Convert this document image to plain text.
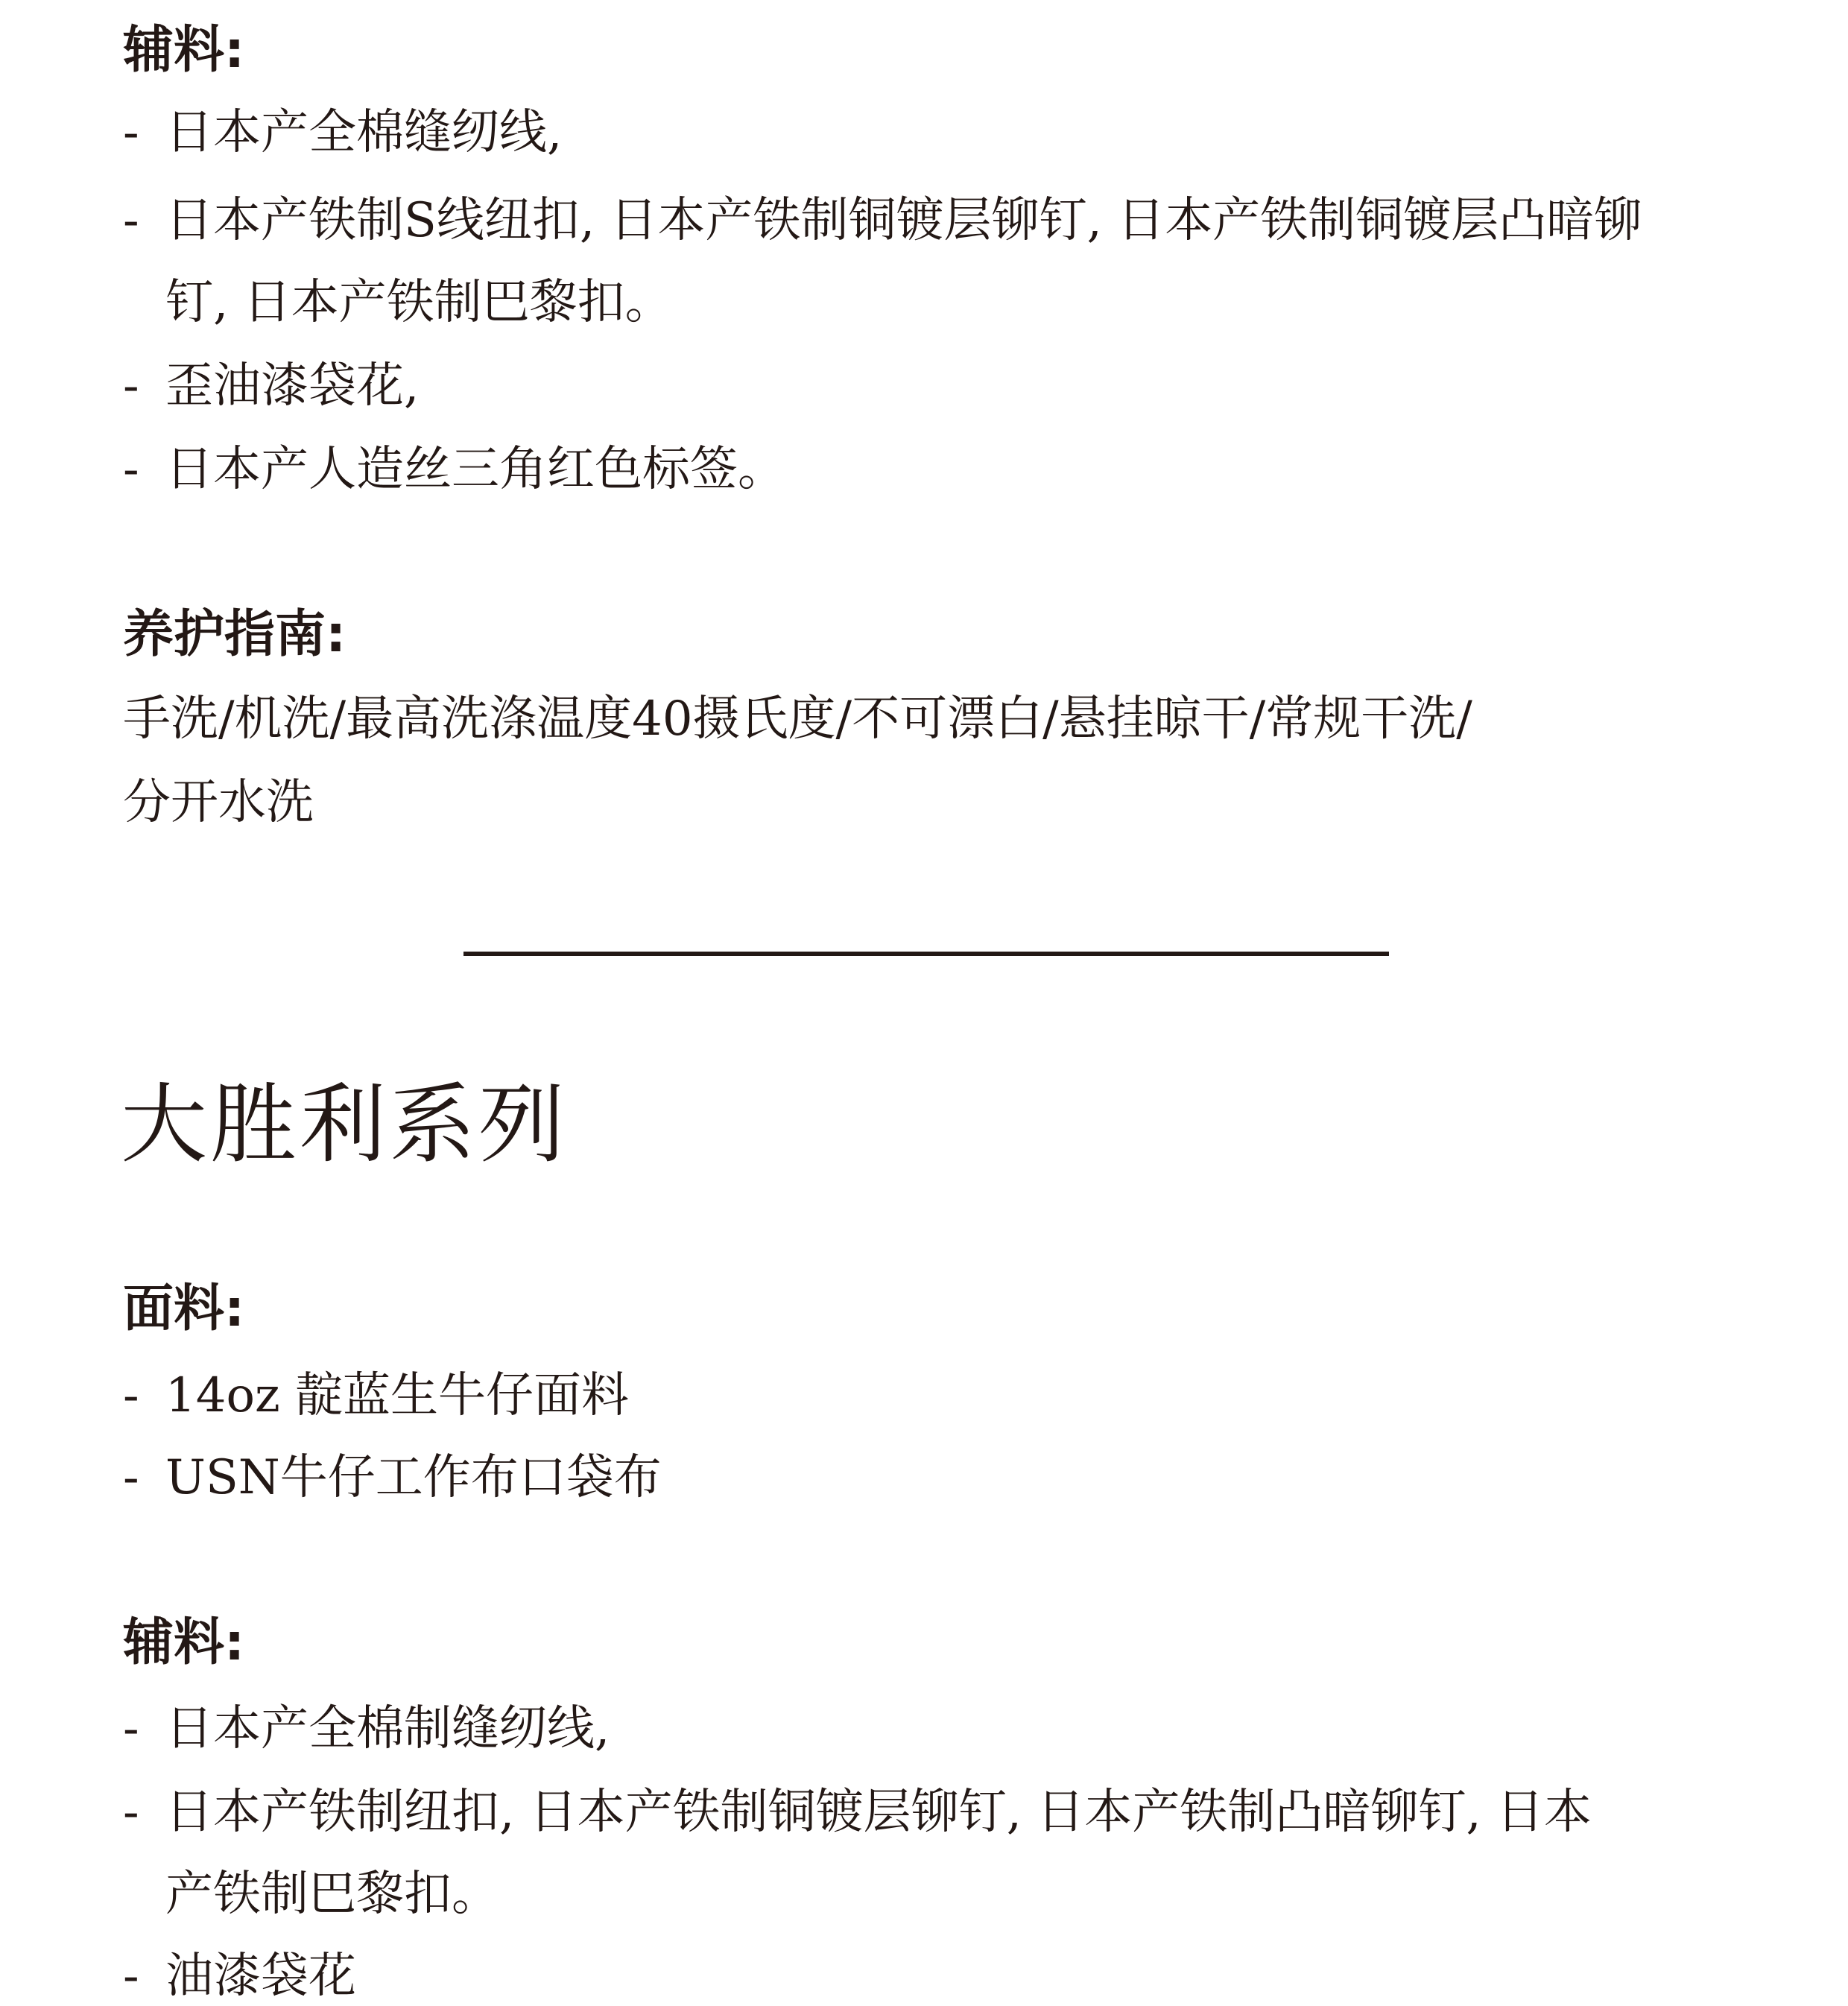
辅料:
- 日本产全棉缝纫线,
- 日本产铁制S线纽扣, 日本产铁制铜镀层铆钉, 日本产铁制铜镀层凸暗铆
钉, 日本产铁制巴黎扣。
- 歪油漆袋花,
- 日本产人造丝三角红色标签。
养护指南:
手洗/机洗/最高洗涤温度40摄氏度/不可漂白/悬挂晾干/常规干洗/
分开水洗
大胜利系列
面料:
- 14oz 靛蓝生牛仔面料
- USN牛仔工作布口袋布
辅料:
- 日本产全棉制缝纫线,
- 日本产铁制纽扣, 日本产铁制铜镀层铆钉, 日本产铁制凸暗铆钉, 日本
产铁制巴黎扣。
- 油漆袋花
